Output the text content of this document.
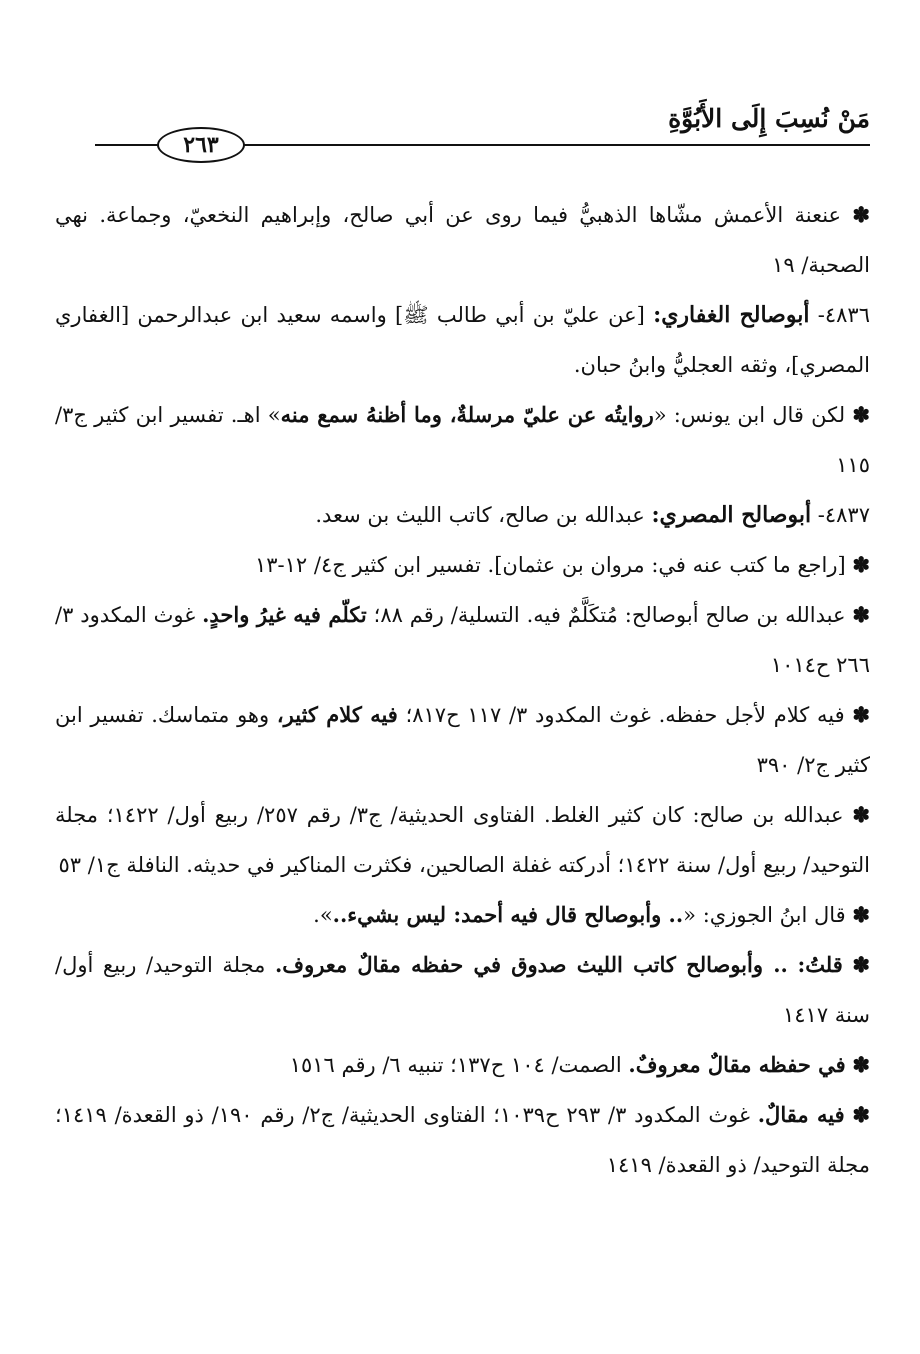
مَنْ نُسِبَ إِلَى الأَبُوَّةِ
٢٦٣

✽ عنعنة الأعمش مشّاها الذهبيُّ فيما روى عن أبي صالح، وإبراهيم النخعيّ، وجماعة. نهي الصحبة/ ١٩

٤٨٣٦- أبوصالح الغفاري: [عن عليّ بن أبي طالب ﷺ] واسمه سعيد ابن عبدالرحمن [الغفاري المصري]، وثقه العجليُّ وابنُ حبان.

✽ لكن قال ابن يونس: «روايتُه عن عليّ مرسلةٌ، وما أظنهُ سمع منه» اهـ. تفسير ابن كثير ج٣/ ١١٥

٤٨٣٧- أبوصالح المصري: عبدالله بن صالح، كاتب الليث بن سعد.

✽ [راجع ما كتب عنه في: مروان بن عثمان]. تفسير ابن كثير ج٤/ ١٢-١٣

✽ عبدالله بن صالح أبوصالح: مُتكَلَّمٌ فيه. التسلية/ رقم ٨٨؛ تكلّم فيه غيرُ واحدٍ. غوث المكدود ٣/ ٢٦٦ ح١٠١٤

✽ فيه كلام لأجل حفظه. غوث المكدود ٣/ ١١٧ ح٨١٧؛ فيه كلام كثير، وهو متماسك. تفسير ابن كثير ج٢/ ٣٩٠

✽ عبدالله بن صالح: كان كثير الغلط. الفتاوى الحديثية/ ج٣/ رقم ٢٥٧/ ربيع أول/ ١٤٢٢؛ مجلة التوحيد/ ربيع أول/ سنة ١٤٢٢؛ أدركته غفلة الصالحين، فكثرت المناكير في حديثه. النافلة ج١/ ٥٣

✽ قال ابنُ الجوزي: «.. وأبوصالح قال فيه أحمد: ليس بشيء..».

✽ قلتُ: .. وأبوصالح كاتب الليث صدوق في حفظه مقالٌ معروف. مجلة التوحيد/ ربيع أول/ سنة ١٤١٧

✽ في حفظه مقالٌ معروفٌ. الصمت/ ١٠٤ ح١٣٧؛ تنبيه ٦/ رقم ١٥١٦

✽ فيه مقالٌ. غوث المكدود ٣/ ٢٩٣ ح١٠٣٩؛ الفتاوى الحديثية/ ج٢/ رقم ١٩٠/ ذو القعدة/ ١٤١٩؛ مجلة التوحيد/ ذو القعدة/ ١٤١٩
